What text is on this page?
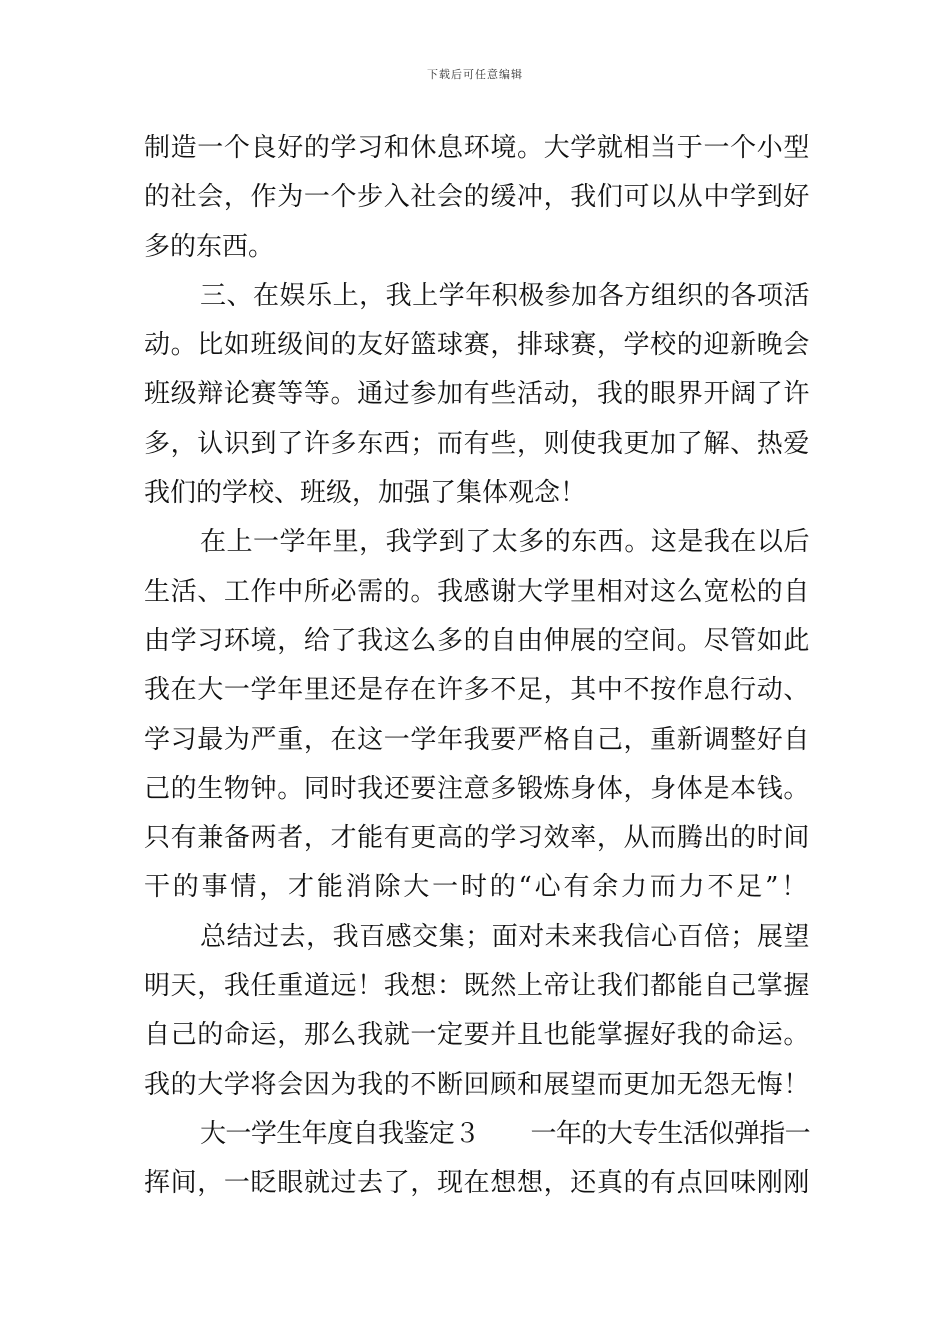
下载后可任意编辑
制造一个良好的学习和休息环境。大学就相当于一个小型
的社会，作为一个步入社会的缓冲，我们可以从中学到好
多的东西。
三、在娱乐上，我上学年积极参加各方组织的各项活
动。比如班级间的友好篮球赛，排球赛，学校的迎新晚会
班级辩论赛等等。通过参加有些活动，我的眼界开阔了许
多，认识到了许多东西；而有些，则使我更加了解、热爱
我们的学校、班级，加强了集体观念！
在上一学年里，我学到了太多的东西。这是我在以后
生活、工作中所必需的。我感谢大学里相对这么宽松的自
由学习环境，给了我这么多的自由伸展的空间。尽管如此
我在大一学年里还是存在许多不足，其中不按作息行动、
学习最为严重，在这一学年我要严格自己，重新调整好自
己的生物钟。同时我还要注意多锻炼身体，身体是本钱。
只有兼备两者，才能有更高的学习效率，从而腾出的时间
干的事情，才能消除大一时的“心有余力而力不足”！
总结过去，我百感交集；面对未来我信心百倍；展望
明天，我任重道远！我想：既然上帝让我们都能自己掌握
自己的命运，那么我就一定要并且也能掌握好我的命运。
我的大学将会因为我的不断回顾和展望而更加无怨无悔！
大一学生年度自我鉴定３　　一年的大专生活似弹指一
挥间，一眨眼就过去了，现在想想，还真的有点回味刚刚
